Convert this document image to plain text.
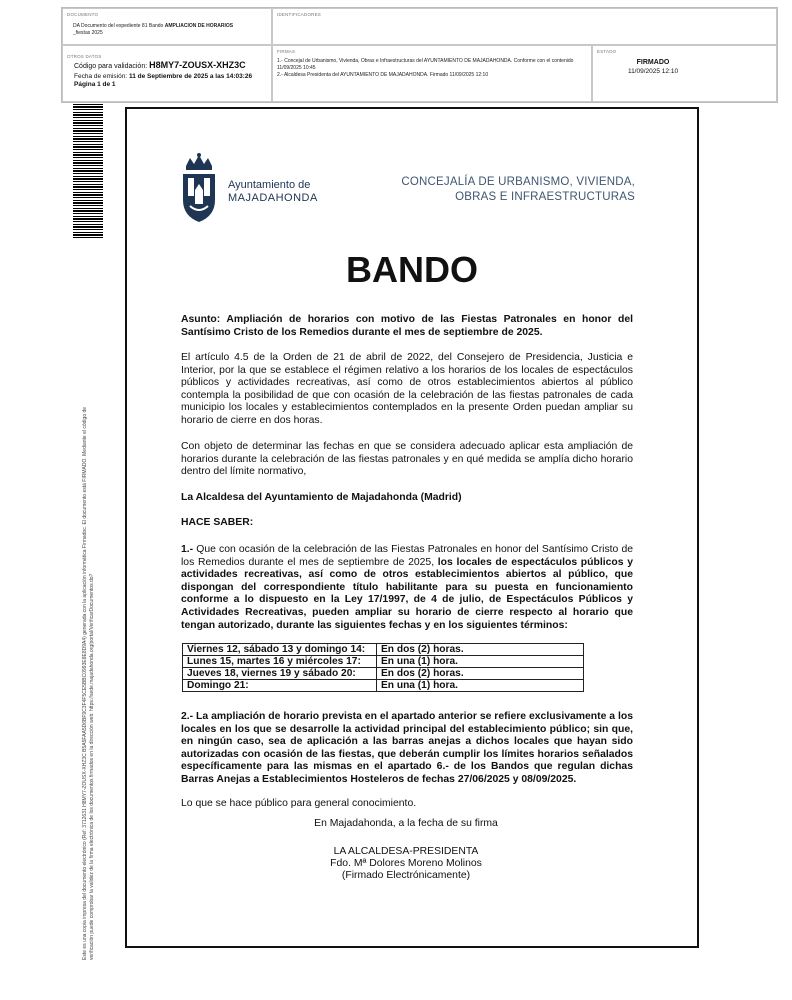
DOCUMENTO
DA Documento del expediente 81 Bando AMPLIACION DE HORARIOS
_fiestas 2025
IDENTIFICADORES
OTROS DATOS
Código para validación: H8MY7-ZOUSX-XHZ3C
Fecha de emisión: 11 de Septiembre de 2025 a las 14:03:26
Página 1 de 1
FIRMAS
1.- Concejal de Urbanismo, Vivienda, Obras e Infraestructuras del AYUNTAMIENTO DE MAJADAHONDA. Conforme con el contenido 11/09/2025 10:45
2.- Alcaldesa Presidenta del AYUNTAMIENTO DE MAJADAHONDA. Firmado 11/09/2025 12:10
ESTADO
FIRMADO
11/09/2025 12:10
Este es una copia impresa del documento electrónico (Ref: 3712631 H8MY7-ZOUSX-XHZ3C B5A5FAA5D6BF9C3F4F5CE5BBC0993E8E8D9A4) generada con la aplicación informática Firmadoc. El documento está FIRMADO. Mediante el código de verificación puede comprobar la validez de la firma electrónica de los documentos firmados en la dirección web: https://sede.majadahonda.org/portal/VerificarDocumentos.do?
Ayuntamiento de
MAJADAHONDA
CONCEJALÍA DE URBANISMO, VIVIENDA,
OBRAS E INFRAESTRUCTURAS
BANDO
Asunto: Ampliación de horarios con motivo de las Fiestas Patronales en honor del Santísimo Cristo de los Remedios durante el mes de septiembre de 2025.
El artículo 4.5 de la Orden de 21 de abril de 2022, del Consejero de Presidencia, Justicia e Interior, por la que se establece el régimen relativo a los horarios de los locales de espectáculos públicos y actividades recreativas, así como de otros establecimientos abiertos al público contempla la posibilidad de que con ocasión de la celebración de las fiestas patronales de cada municipio los locales y establecimientos contemplados en la presente Orden puedan ampliar su horario de cierre en dos horas.
Con objeto de determinar las fechas en que se considera adecuado aplicar esta ampliación de horarios durante la celebración de las fiestas patronales y en qué medida se amplía dicho horario dentro del límite normativo,
La Alcaldesa del Ayuntamiento de Majadahonda (Madrid)
HACE SABER:
1.- Que con ocasión de la celebración de las Fiestas Patronales en honor del Santísimo Cristo de los Remedios durante el mes de septiembre de 2025, los locales de espectáculos públicos y actividades recreativas, así como de otros establecimientos abiertos al público, que dispongan del correspondiente título habilitante para su puesta en funcionamiento conforme a lo dispuesto en la Ley 17/1997, de 4 de julio, de Espectáculos Públicos y Actividades Recreativas, pueden ampliar su horario de cierre respecto al horario que tengan autorizado, durante las siguientes fechas y en los siguientes términos:
Viernes 12, sábado 13 y domingo 14:	En dos (2) horas.
Lunes 15, martes 16 y miércoles 17:	En una (1) hora.
Jueves 18, viernes 19 y sábado 20:	En dos (2) horas.
Domingo 21:	En una (1) hora.
2.- La ampliación de horario prevista en el apartado anterior se refiere exclusivamente a los locales en los que se desarrolle la actividad principal del establecimiento público; sin que, en ningún caso, sea de aplicación a las barras anejas a dichos locales que hayan sido autorizadas con ocasión de las fiestas, que deberán cumplir los límites horarios señalados específicamente para las mismas en el apartado 6.- de los Bandos que regulan dichas Barras Anejas a Establecimientos Hosteleros de fechas 27/06/2025 y 08/09/2025.
Lo que se hace público para general conocimiento.
En Majadahonda, a la fecha de su firma
LA ALCALDESA-PRESIDENTA
Fdo. Mª Dolores Moreno Molinos
(Firmado Electrónicamente)
